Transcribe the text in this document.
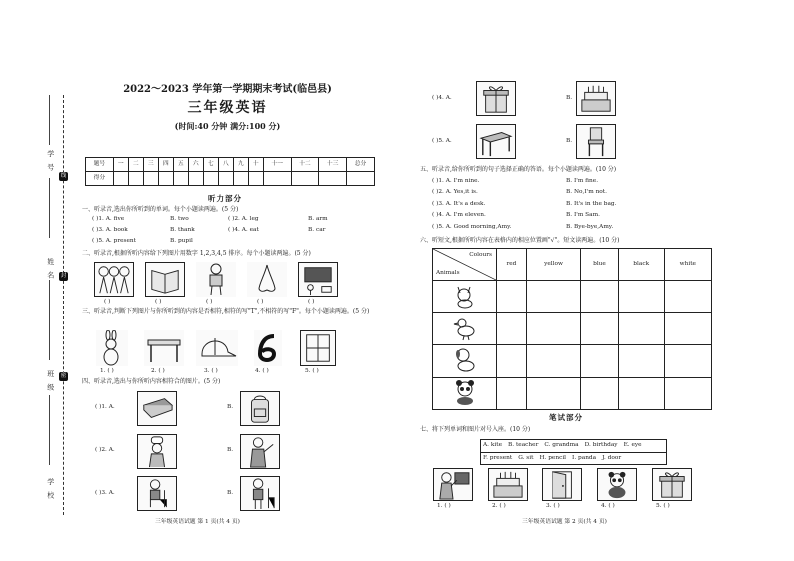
学 号
姓 名
班 级
学 校
线
封
密
2022～2023 学年第一学期期末考试(临邑县)
三年级英语
(时间:40 分钟 满分:100 分)
题号	一	二	三	四	五	六	七	八	九	十	十一	十二	十三	总分
得分														
听力部分
一、听录音,选出你所听到的单词。每个小题读两遍。(5 分)
( )1. A. five	B. two	( )2. A. leg	B. arm
( )3. A. book	B. thank	( )4. A. eat	B. car
( )5. A. present	B. pupil
二、听录音,根据所听内容给下列图片用数字 1,2,3,4,5 排序。每个小题读两遍。(5 分)
( )	( )	( )	( )	( )
三、听录音,判断下列图片与你所听到的内容是否相符,相符的写"T",不相符的写"F"。每个小题读两遍。(5 分)
1. ( )	2. ( )	3. ( )	4. ( )	5. ( )
四、听录音,选出与你所听内容相符合的图片。(5 分)
( )1. A.	B.
( )2. A.	B.
( )3. A.	B.
三年级英语试题 第 1 页(共 4 页)
( )4. A.	B.
( )5. A.	B.
五、听录音,给你所听到的句子选择正确的答语。每个小题读两遍。(10 分)
( )1. A. I'm nine.	B. I'm fine.
( )2. A. Yes,it is.	B. No,I'm not.
( )3. A. It's a desk.	B. It's in the bag.
( )4. A. I'm eleven.	B. I'm Sam.
( )5. A. Good morning,Amy.	B. Bye-bye,Amy.
六、听短文,根据所听内容在表格内的相应位置画"√"。短文读两遍。(10 分)
Colours
Animals	red	yellow	blue	black	white

笔试部分
七、将下列单词和图片对号入座。(10 分)
A. kite B. teacher C. grandma D. birthday E. eye
F. present G. sit H. pencil I. panda J. door
1. ( )	2. ( )	3. ( )	4. ( )	5. ( )
三年级英语试题 第 2 页(共 4 页)
